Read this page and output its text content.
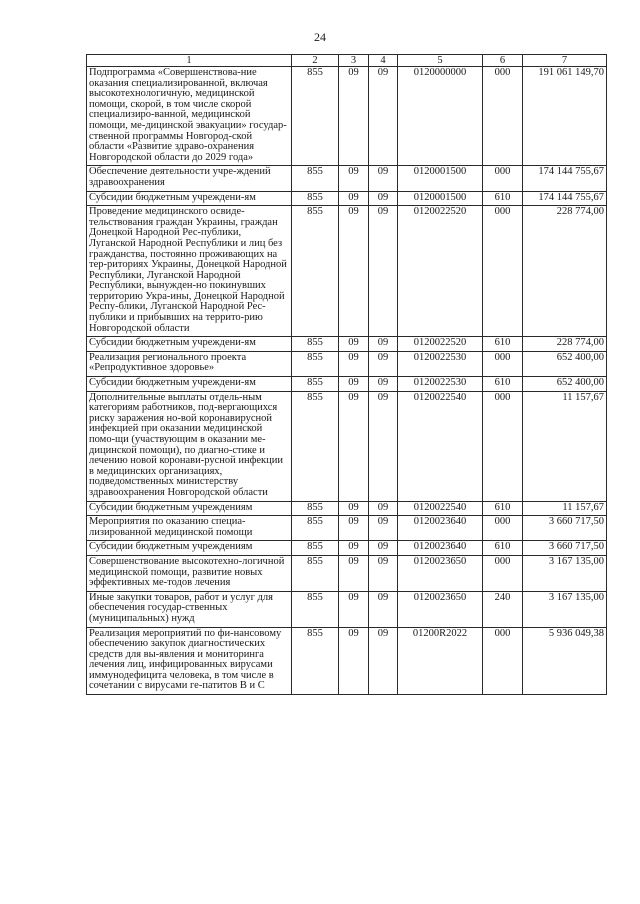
24
1	2	3	4	5	6	7
Подпрограмма «Совершенствова-ние оказания специализированной, включая высокотехнологичную, медицинской помощи, скорой, в том числе скорой специализиро-ванной, медицинской помощи, ме-дицинской эвакуации» государ-ственной программы Новгород-ской области «Развитие здраво-охранения Новгородской области до 2029 года»	855	09	09	0120000000	000	191 061 149,70
Обеспечение деятельности учре-ждений здравоохранения	855	09	09	0120001500	000	174 144 755,67
Субсидии бюджетным учреждени-ям	855	09	09	0120001500	610	174 144 755,67
Проведение медицинского освиде-тельствования граждан Украины, граждан Донецкой Народной Рес-публики, Луганской Народной Республики и лиц без гражданства, постоянно проживающих на тер-риториях Украины, Донецкой Народной Республики, Луганской Народной Республики, вынужден-но покинувших территорию Укра-ины, Донецкой Народной Респу-блики, Луганской Народной Рес-публики и прибывших на террито-рию Новгородской области	855	09	09	0120022520	000	228 774,00
Субсидии бюджетным учреждени-ям	855	09	09	0120022520	610	228 774,00
Реализация регионального проекта «Репродуктивное здоровье»	855	09	09	0120022530	000	652 400,00
Субсидии бюджетным учреждени-ям	855	09	09	0120022530	610	652 400,00
Дополнительные выплаты отдель-ным категориям работников, под-вергающихся риску заражения но-вой коронавирусной инфекцией при оказании медицинской помо-щи (участвующим в оказании ме-дицинской помощи), по диагно-стике и лечению новой коронави-русной инфекции в медицинских организациях, подведомственных министерству здравоохранения Новгородской области	855	09	09	0120022540	000	11 157,67
Субсидии бюджетным учреждениям	855	09	09	0120022540	610	11 157,67
Мероприятия по оказанию специа-лизированной медицинской помощи	855	09	09	0120023640	000	3 660 717,50
Субсидии бюджетным учреждениям	855	09	09	0120023640	610	3 660 717,50
Совершенствование высокотехно-логичной медицинской помощи, развитие новых эффективных ме-тодов лечения	855	09	09	0120023650	000	3 167 135,00
Иные закупки товаров, работ и услуг для обеспечения государ-ственных (муниципальных) нужд	855	09	09	0120023650	240	3 167 135,00
Реализация мероприятий по фи-нансовому обеспечению закупок диагностических средств для вы-явления и мониторинга лечения лиц, инфицированных вирусами иммунодефицита человека, в том числе в сочетании с вирусами ге-патитов В и С	855	09	09	01200R2022	000	5 936 049,38
